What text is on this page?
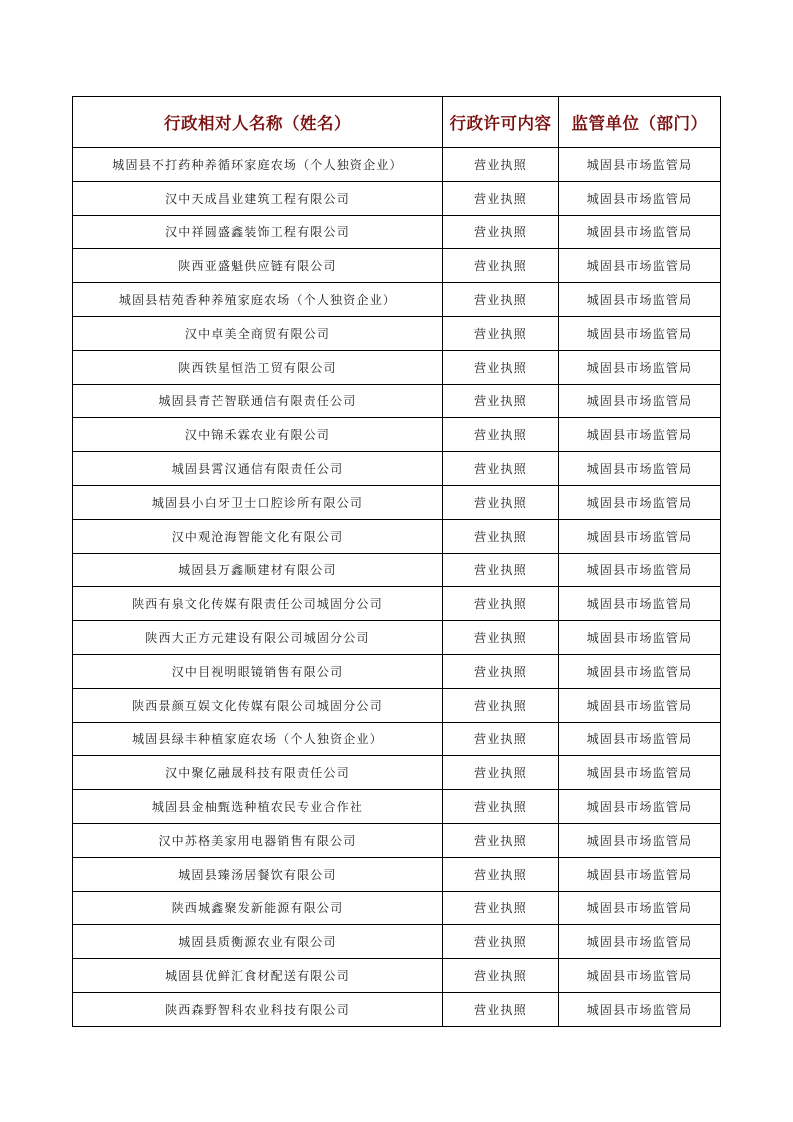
行政相对人名称（姓名）	行政许可内容	监管单位（部门）
城固县不打药种养循环家庭农场（个人独资企业）	营业执照	城固县市场监管局
汉中天成昌业建筑工程有限公司	营业执照	城固县市场监管局
汉中祥圆盛鑫装饰工程有限公司	营业执照	城固县市场监管局
陕西亚盛魁供应链有限公司	营业执照	城固县市场监管局
城固县桔苑香种养殖家庭农场（个人独资企业）	营业执照	城固县市场监管局
汉中卓美全商贸有限公司	营业执照	城固县市场监管局
陕西铁星恒浩工贸有限公司	营业执照	城固县市场监管局
城固县青芒智联通信有限责任公司	营业执照	城固县市场监管局
汉中锦禾霖农业有限公司	营业执照	城固县市场监管局
城固县霄汉通信有限责任公司	营业执照	城固县市场监管局
城固县小白牙卫士口腔诊所有限公司	营业执照	城固县市场监管局
汉中观沧海智能文化有限公司	营业执照	城固县市场监管局
城固县万鑫顺建材有限公司	营业执照	城固县市场监管局
陕西有泉文化传媒有限责任公司城固分公司	营业执照	城固县市场监管局
陕西大正方元建设有限公司城固分公司	营业执照	城固县市场监管局
汉中目视明眼镜销售有限公司	营业执照	城固县市场监管局
陕西景颜互娱文化传媒有限公司城固分公司	营业执照	城固县市场监管局
城固县绿丰种植家庭农场（个人独资企业）	营业执照	城固县市场监管局
汉中聚亿融晟科技有限责任公司	营业执照	城固县市场监管局
城固县金柚甄选种植农民专业合作社	营业执照	城固县市场监管局
汉中苏格美家用电器销售有限公司	营业执照	城固县市场监管局
城固县臻汤居餐饮有限公司	营业执照	城固县市场监管局
陕西城鑫聚发新能源有限公司	营业执照	城固县市场监管局
城固县质衡源农业有限公司	营业执照	城固县市场监管局
城固县优鲜汇食材配送有限公司	营业执照	城固县市场监管局
陕西森野智科农业科技有限公司	营业执照	城固县市场监管局
